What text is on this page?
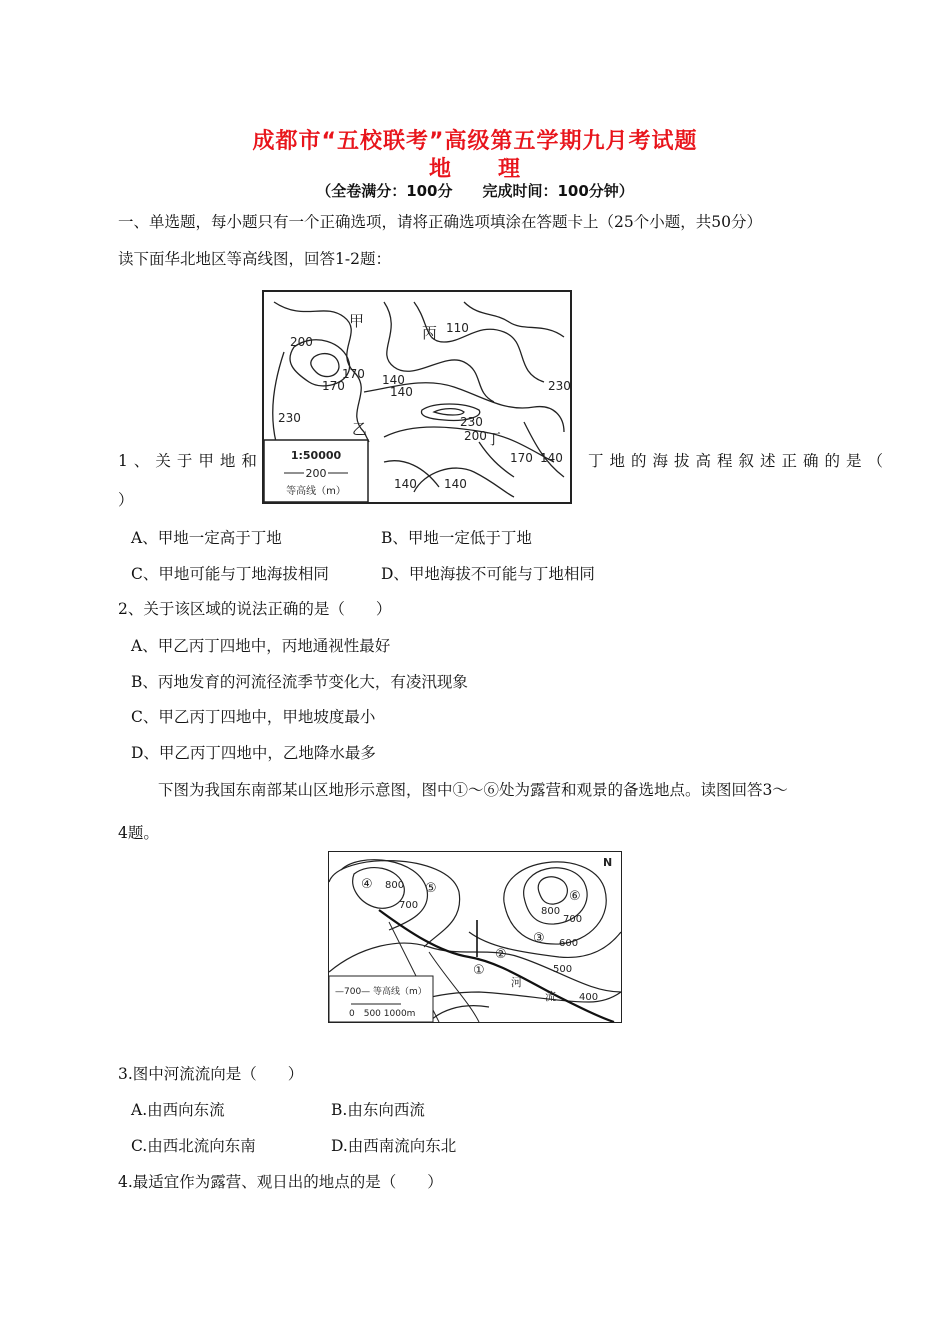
成都市“五校联考”高级第五学期九月考试题
地　　理
（全卷满分：100分　　完成时间：100分钟）
一、单选题，每小题只有一个正确选项，请将正确选项填涂在答题卡上（25个小题，共50分）
读下面华北地区等高线图，回答1-2题：
甲
乙
丙
丁
200
170
170	140
140
110
230
230	230
200
170 140
140 140
1:50000
200
等高线（m）
1、关于甲地和	丁地的海拔高程叙述正确的是（
）
A、甲地一定高于丁地	B、甲地一定低于丁地
C、甲地可能与丁地海拔相同	D、甲地海拔不可能与丁地相同
2、关于该区域的说法正确的是（　　）
A、甲乙丙丁四地中，丙地通视性最好
B、丙地发育的河流径流季节变化大，有凌汛现象
C、甲乙丙丁四地中，甲地坡度最小
D、甲乙丙丁四地中，乙地降水最多
下图为我国东南部某山区地形示意图，图中①～⑥处为露营和观景的备选地点。读图回答3～
4题。
N
①
②
③
④	⑤
⑥
800
700
800
700
600
500
400
河
流
—700— 等高线（m）
0　500 1000m
3.图中河流流向是（　　）
A.由西向东流	B.由东向西流
C.由西北流向东南	D.由西南流向东北
4.最适宜作为露营、观日出的地点的是（　　）
